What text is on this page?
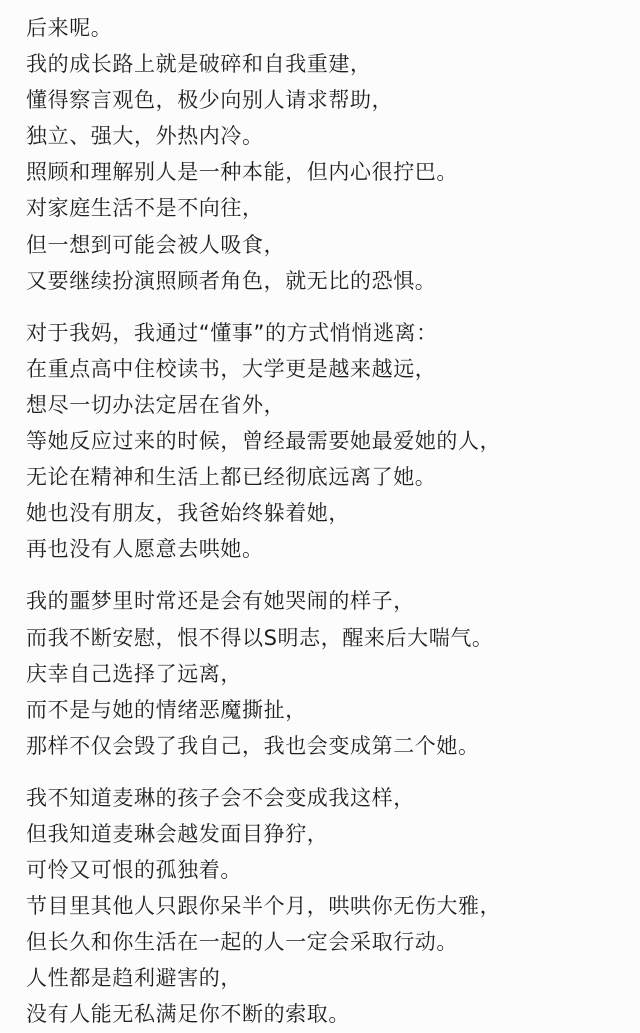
后来呢。
我的成长路上就是破碎和自我重建，
懂得察言观色，极少向别人请求帮助，
独立、强大，外热内冷。
照顾和理解别人是一种本能，但内心很拧巴。
对家庭生活不是不向往，
但一想到可能会被人吸食，
又要继续扮演照顾者角色，就无比的恐惧。
对于我妈，我通过“懂事”的方式悄悄逃离：
在重点高中住校读书，大学更是越来越远，
想尽一切办法定居在省外，
等她反应过来的时候，曾经最需要她最爱她的人，
无论在精神和生活上都已经彻底远离了她。
她也没有朋友，我爸始终躲着她，
再也没有人愿意去哄她。
我的噩梦里时常还是会有她哭闹的样子，
而我不断安慰，恨不得以S明志，醒来后大喘气。
庆幸自己选择了远离，
而不是与她的情绪恶魔撕扯，
那样不仅会毁了我自己，我也会变成第二个她。
我不知道麦琳的孩子会不会变成我这样，
但我知道麦琳会越发面目狰狞，
可怜又可恨的孤独着。
节目里其他人只跟你呆半个月，哄哄你无伤大雅，
但长久和你生活在一起的人一定会采取行动。
人性都是趋利避害的，
没有人能无私满足你不断的索取。
